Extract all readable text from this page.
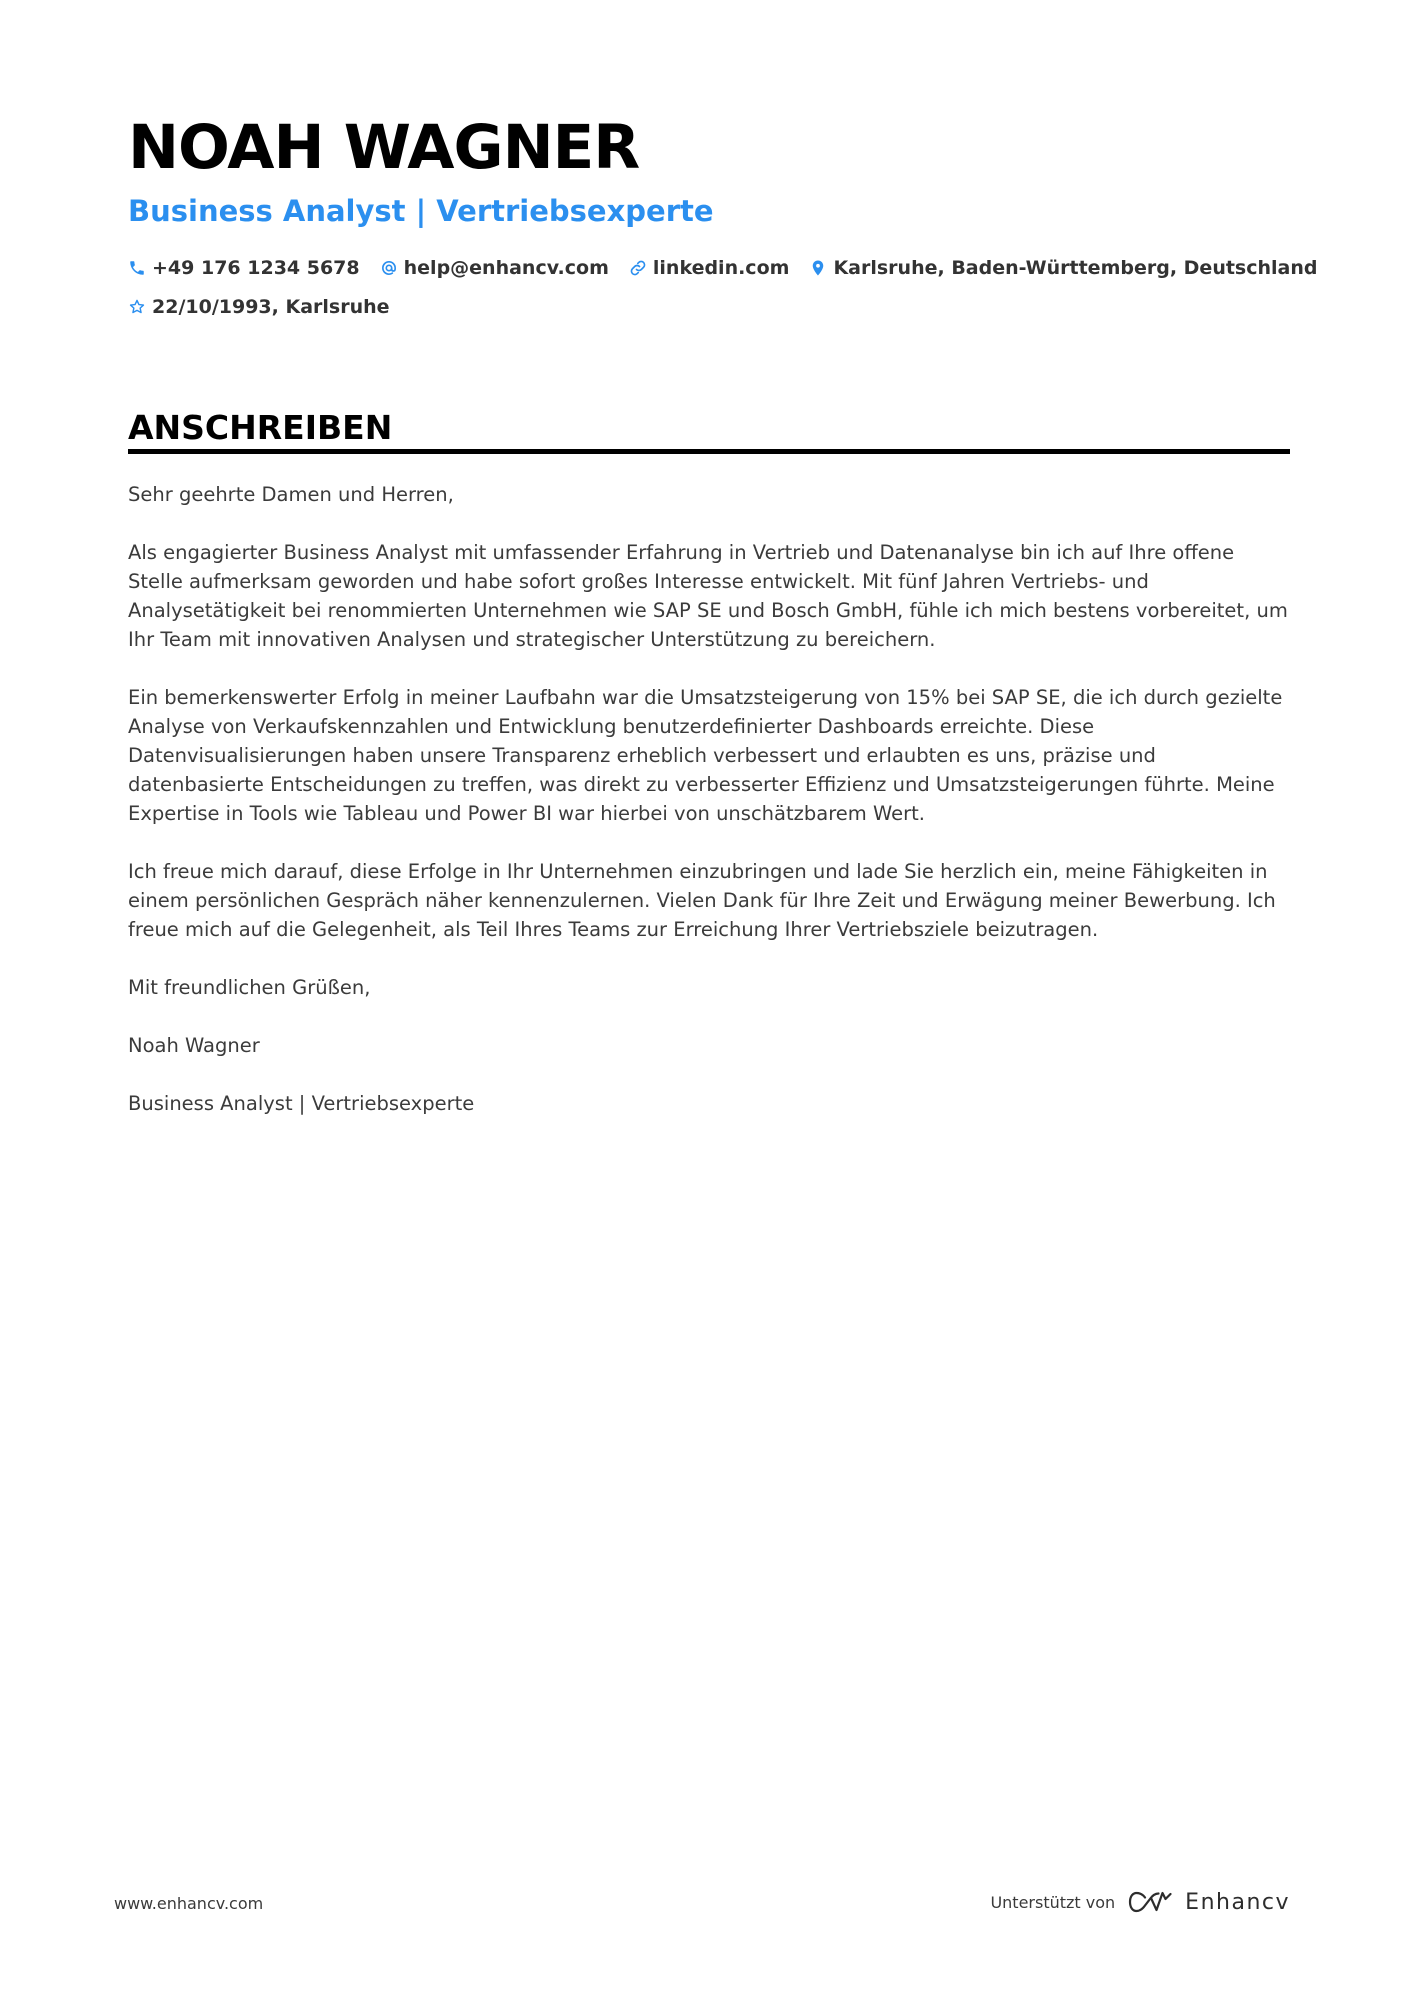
NOAH WAGNER
Business Analyst | Vertriebsexperte
+49 176 1234 5678 help@enhancv.com linkedin.com Karlsruhe, Baden-Württemberg, Deutschland
22/10/1993, Karlsruhe
ANSCHREIBEN

Sehr geehrte Damen und Herren,

Als engagierter Business Analyst mit umfassender Erfahrung in Vertrieb und Datenanalyse bin ich auf Ihre offene Stelle aufmerksam geworden und habe sofort großes Interesse entwickelt. Mit fünf Jahren Vertriebs- und Analysetätigkeit bei renommierten Unternehmen wie SAP SE und Bosch GmbH, fühle ich mich bestens vorbereitet, um Ihr Team mit innovativen Analysen und strategischer Unterstützung zu bereichern.

Ein bemerkenswerter Erfolg in meiner Laufbahn war die Umsatzsteigerung von 15% bei SAP SE, die ich durch gezielte Analyse von Verkaufskennzahlen und Entwicklung benutzerdefinierter Dashboards erreichte. Diese Datenvisualisierungen haben unsere Transparenz erheblich verbessert und erlaubten es uns, präzise und datenbasierte Entscheidungen zu treffen, was direkt zu verbesserter Effizienz und Umsatzsteigerungen führte. Meine Expertise in Tools wie Tableau und Power BI war hierbei von unschätzbarem Wert.

Ich freue mich darauf, diese Erfolge in Ihr Unternehmen einzubringen und lade Sie herzlich ein, meine Fähigkeiten in einem persönlichen Gespräch näher kennenzulernen. Vielen Dank für Ihre Zeit und Erwägung meiner Bewerbung. Ich freue mich auf die Gelegenheit, als Teil Ihres Teams zur Erreichung Ihrer Vertriebsziele beizutragen.

Mit freundlichen Grüßen,

Noah Wagner

Business Analyst | Vertriebsexperte

www.enhancv.com	Unterstützt von	Enhancv
